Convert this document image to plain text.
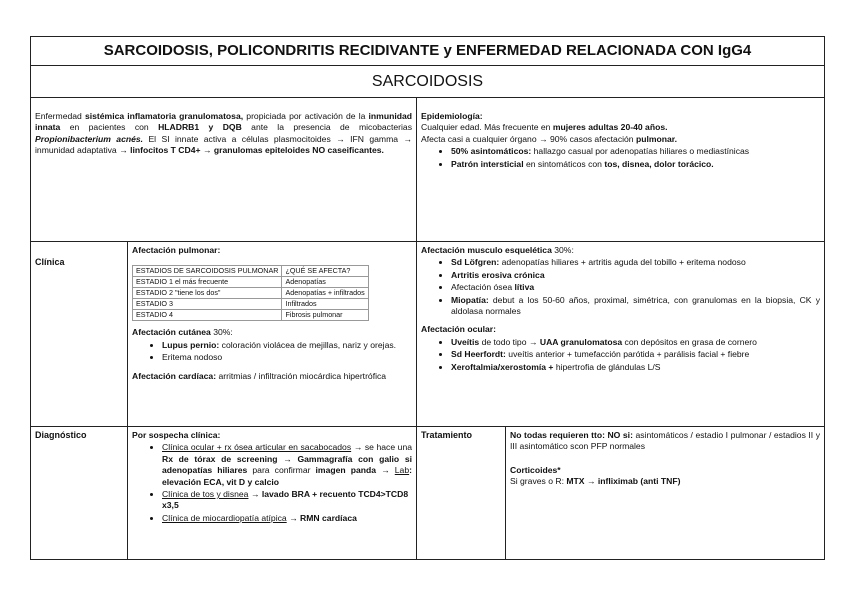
SARCOIDOSIS, POLICONDRITIS RECIDIVANTE y ENFERMEDAD RELACIONADA CON IgG4
SARCOIDOSIS
Enfermedad sistémica inflamatoria granulomatosa, propiciada por activación de la inmunidad innata en pacientes con HLADRB1 y DQB ante la presencia de micobacterias Propionibacterium acnés. El SI innate activa a células plasmocitoides → IFN gamma → inmunidad adaptativa → linfocitos T CD4+ → granulomas epiteloides NO caseificantes.
Epidemiología:
Cualquier edad. Más frecuente en mujeres adultas 20-40 años.
Afecta casi a cualquier órgano → 90% casos afectación pulmonar.
• 50% asintomáticos: hallazgo casual por adenopatías hiliares o mediastínicas
• Patrón intersticial en sintomáticos con tos, disnea, dolor torácico.
Clínica
Afectación pulmonar:
ESTADIOS DE SARCOIDOSIS PULMONAR	¿QUÉ SE AFECTA?
ESTADIO 1 el más frecuente	Adenopatías
ESTADIO 2 "tiene los dos"	Adenopatías + infiltrados
ESTADIO 3	Infiltrados
ESTADIO 4	Fibrosis pulmonar
Afectación cutánea 30%:
• Lupus pernio: coloración violácea de mejillas, nariz y orejas.
• Eritema nodoso
Afectación cardíaca: arritmias / infiltración miocárdica hipertrófica
Afectación musculo esquelética 30%:
• Sd Löfgren: adenopatías hiliares + artritis aguda del tobillo + eritema nodoso
• Artritis erosiva crónica
• Afectación ósea lítiva
• Miopatía: debut a los 50-60 años, proximal, simétrica, con granulomas en la biopsia, CK y aldolasa normales
Afectación ocular:
• Uveítis de todo tipo → UAA granulomatosa con depósitos en grasa de cornero
• Sd Heerfordt: uveítis anterior + tumefacción parótida + parálisis facial + fiebre
• Xeroftalmia/xerostomía + hipertrofia de glándulas L/S
Diagnóstico	Por sospecha clínica:
• Clínica ocular + rx ósea articular en sacabocados → se hace una Rx de tórax de screening → Gammagrafía con galio si adenopatías hiliares para confirmar imagen panda → Lab: elevación ECA, vit D y calcio
• Clínica de tos y disnea → lavado BRA + recuento TCD4>TCD8 x3,5
• Clínica de miocardiopatía atípica → RMN cardíaca
Tratamiento	No todas requieren tto: NO si: asintomáticos / estadio I pulmonar / estadios II y III asintomático scon PFP normales
Corticoides*
Si graves o R: MTX → infliximab (anti TNF)
